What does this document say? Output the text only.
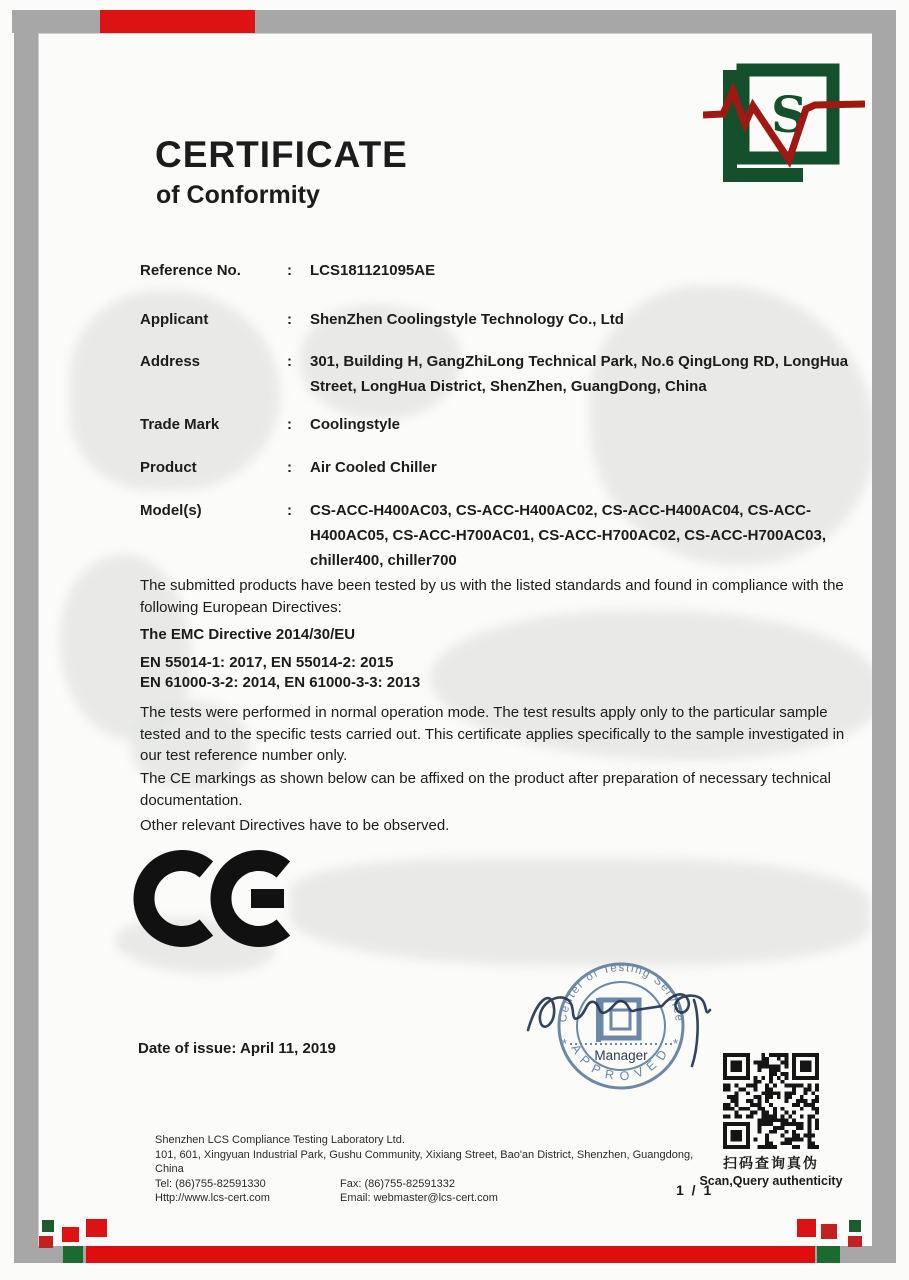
CERTIFICATE
of Conformity
S
Reference No.	: LCS181121095AE
Applicant	: ShenZhen Coolingstyle Technology Co., Ltd
Address	: 301, Building H, GangZhiLong Technical Park, No.6 QingLong RD, LongHua Street, LongHua District, ShenZhen, GuangDong, China
Trade Mark	: Coolingstyle
Product	: Air Cooled Chiller
Model(s)	: CS-ACC-H400AC03, CS-ACC-H400AC02, CS-ACC-H400AC04, CS-ACC-H400AC05, CS-ACC-H700AC01, CS-ACC-H700AC02, CS-ACC-H700AC03, chiller400, chiller700
The submitted products have been tested by us with the listed standards and found in compliance with the following European Directives:
The EMC Directive 2014/30/EU
EN 55014-1: 2017, EN 55014-2: 2015
EN 61000-3-2: 2014, EN 61000-3-3: 2013
The tests were performed in normal operation mode. The test results apply only to the particular sample tested and to the specific tests carried out. This certificate applies specifically to the sample investigated in our test reference number only.
The CE markings as shown below can be affixed on the product after preparation of necessary technical documentation.
Other relevant Directives have to be observed.
Date of issue: April 11, 2019
Center of Testing Service
APPROVED
*	*
Manager
扫码查询真伪
Scan,Query authenticity
1 / 1
Shenzhen LCS Compliance Testing Laboratory Ltd.
101, 601, Xingyuan Industrial Park, Gushu Community, Xixiang Street, Bao'an District, Shenzhen, Guangdong, China
Tel: (86)755-82591330	Fax: (86)755-82591332
Http://www.lcs-cert.com	Email: webmaster@lcs-cert.com
